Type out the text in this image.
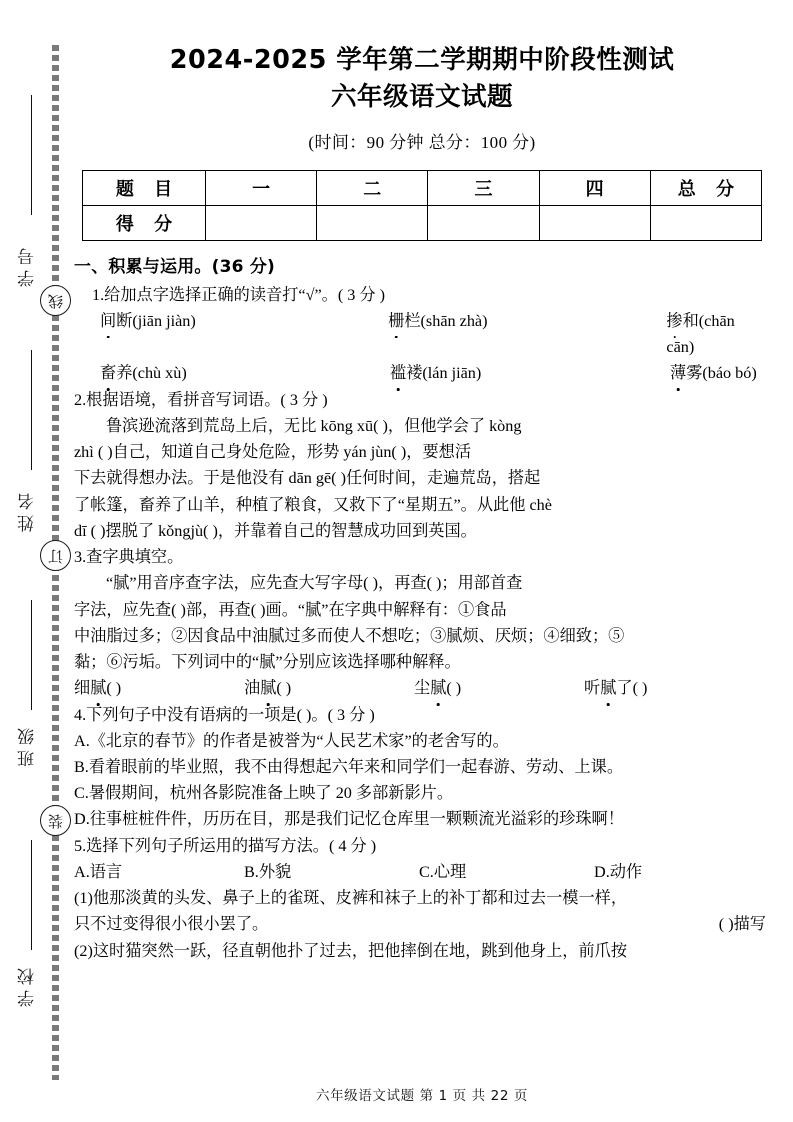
学号
姓名
班级
学校
线
订
装
2024-2025 学年第二学期期中阶段性测试
六年级语文试题
(时间：90 分钟 总分：100 分)
题 目	一	二	三	四	总 分
得 分					
一、积累与运用。(36 分)
1.给加点字选择正确的读音打“√”。( 3 分 )
间断(jiān jiàn)	栅栏(shān zhà)	掺和(chān cān)
畜养(chù xù)	褴褛(lán jiān)	薄雾(báo bó)
2.根据语境，看拼音写词语。( 3 分 )
鲁滨逊流落到荒岛上后，无比 kōng xū( )，但他学会了 kòng
zhì ( )自己，知道自己身处危险，形势 yán jùn( )，要想活
下去就得想办法。于是他没有 dān gē( )任何时间，走遍荒岛，搭起
了帐篷，畜养了山羊，种植了粮食，又救下了“星期五”。从此他 chè
dī ( )摆脱了 kǒngjù( )，并靠着自己的智慧成功回到英国。
3.查字典填空。
“腻”用音序查字法，应先查大写字母( )，再查( )；用部首查
字法，应先查( )部，再查( )画。“腻”在字典中解释有：①食品
中油脂过多；②因食品中油腻过多而使人不想吃；③腻烦、厌烦；④细致；⑤
黏；⑥污垢。下列词中的“腻”分别应该选择哪种解释。
细腻( )	油腻( )	尘腻( )	听腻了( )
4.下列句子中没有语病的一项是( )。( 3 分 )
A.《北京的春节》的作者是被誉为“人民艺术家”的老舍写的。
B.看着眼前的毕业照，我不由得想起六年来和同学们一起春游、劳动、上课。
C.暑假期间，杭州各影院准备上映了 20 多部新影片。
D.往事桩桩件件，历历在目，那是我们记忆仓库里一颗颗流光溢彩的珍珠啊！
5.选择下列句子所运用的描写方法。( 4 分 )
A.语言	B.外貌	C.心理	D.动作
(1)他那淡黄的头发、鼻子上的雀斑、皮裤和袜子上的补丁都和过去一模一样，
只不过变得很小很小罢了。	( )描写
(2)这时猫突然一跃，径直朝他扑了过去，把他摔倒在地，跳到他身上，前爪按
六年级语文试题 第 1 页 共 22 页
